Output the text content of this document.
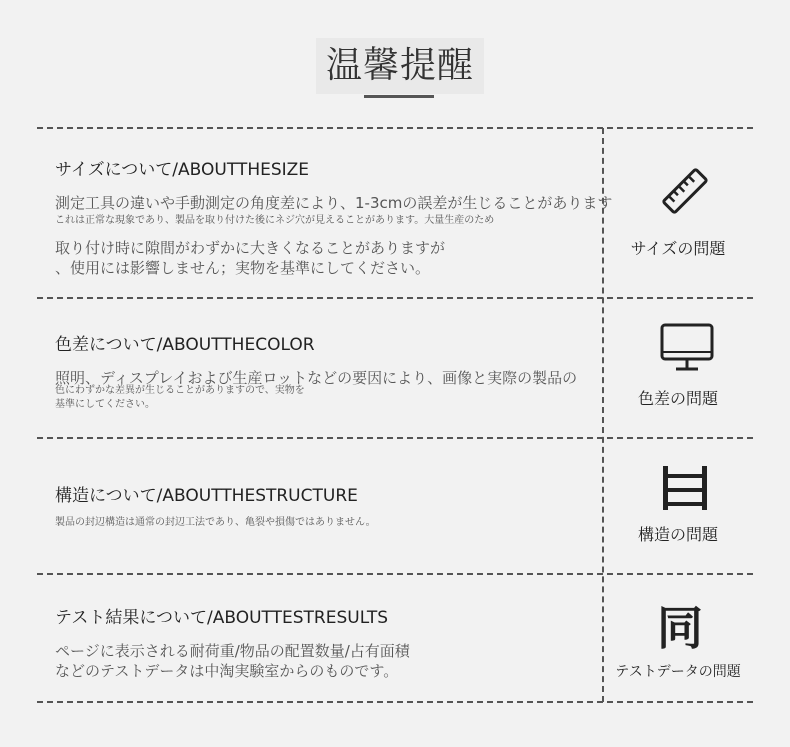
温馨提醒
サイズについて/ABOUTTHESIZE
測定工具の違いや手動測定の角度差により、1-3cmの誤差が生じることがあります
これは正常な現象であり、製品を取り付けた後にネジ穴が見えることがあります。大量生産のため
取り付け時に隙間がわずかに大きくなることがありますが
、使用には影響しません；実物を基準にしてください。
サイズの問題
色差について/ABOUTTHECOLOR
照明、ディスプレイおよび生産ロットなどの要因により、画像と実際の製品の
色にわずかな差異が生じることがありますので、実物を
基準にしてください。	色差の問題
構造について/ABOUTTHESTRUCTURE
製品の封辺構造は通常の封辺工法であり、亀裂や損傷ではありません。
構造の問題
テスト結果について/ABOUTTESTRESULTS
ページに表示される耐荷重/物品の配置数量/占有面積
などのテストデータは中淘実験室からのものです。
同
テストデータの問題
